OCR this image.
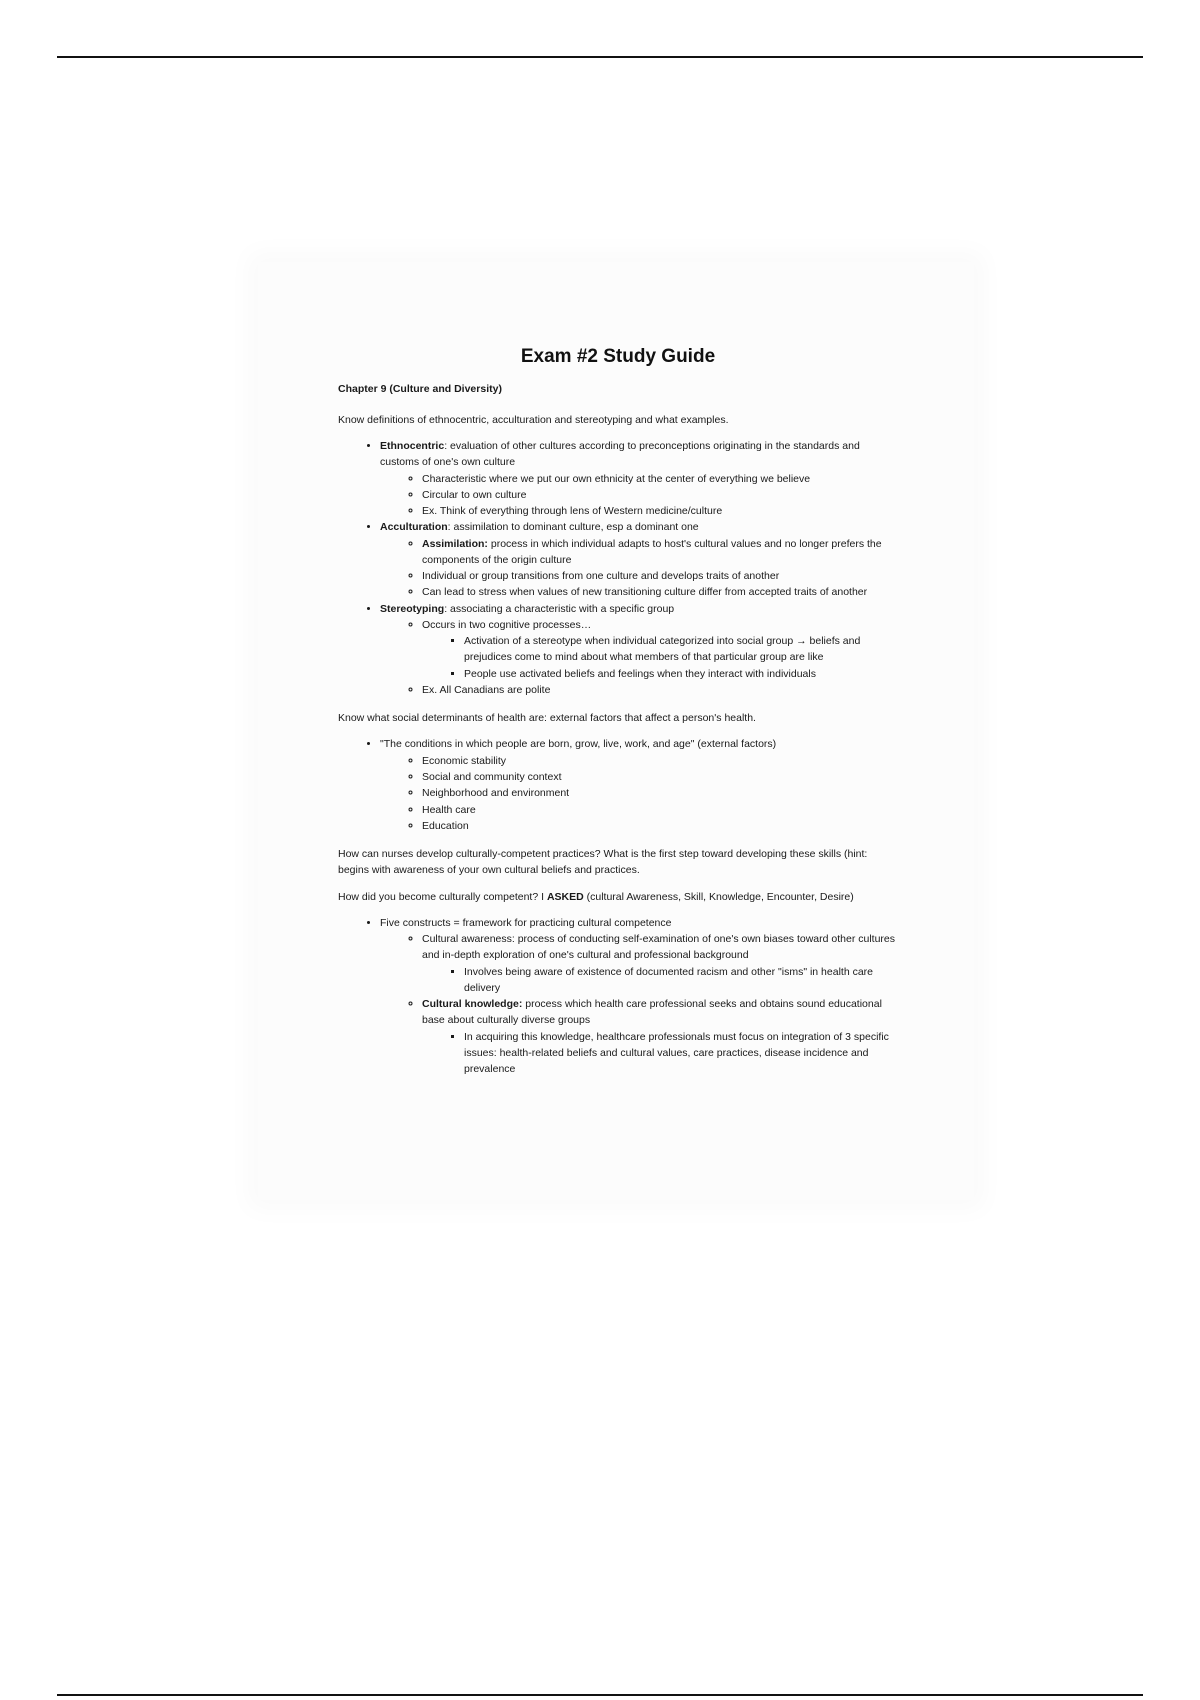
Exam #2 Study Guide
Chapter 9 (Culture and Diversity)
Know definitions of ethnocentric, acculturation and stereotyping and what examples.
• Ethnocentric: evaluation of other cultures according to preconceptions originating in the standards and customs of one's own culture
◦ Characteristic where we put our own ethnicity at the center of everything we believe
◦ Circular to own culture
◦ Ex. Think of everything through lens of Western medicine/culture
• Acculturation: assimilation to dominant culture, esp a dominant one
◦ Assimilation: process in which individual adapts to host's cultural values and no longer prefers the components of the origin culture
◦ Individual or group transitions from one culture and develops traits of another
◦ Can lead to stress when values of new transitioning culture differ from accepted traits of another
• Stereotyping: associating a characteristic with a specific group
◦ Occurs in two cognitive processes…
▪ Activation of a stereotype when individual categorized into social group → beliefs and prejudices come to mind about what members of that particular group are like
▪ People use activated beliefs and feelings when they interact with individuals
◦ Ex. All Canadians are polite
Know what social determinants of health are: external factors that affect a person's health.
• "The conditions in which people are born, grow, live, work, and age" (external factors)
◦ Economic stability
◦ Social and community context
◦ Neighborhood and environment
◦ Health care
◦ Education
How can nurses develop culturally-competent practices? What is the first step toward developing these skills (hint: begins with awareness of your own cultural beliefs and practices.
How did you become culturally competent? I ASKED (cultural Awareness, Skill, Knowledge, Encounter, Desire)
• Five constructs = framework for practicing cultural competence
◦ Cultural awareness: process of conducting self-examination of one's own biases toward other cultures and in-depth exploration of one's cultural and professional background
▪ Involves being aware of existence of documented racism and other "isms" in health care delivery
◦ Cultural knowledge: process which health care professional seeks and obtains sound educational base about culturally diverse groups
▪ In acquiring this knowledge, healthcare professionals must focus on integration of 3 specific issues: health-related beliefs and cultural values, care practices, disease incidence and prevalence
